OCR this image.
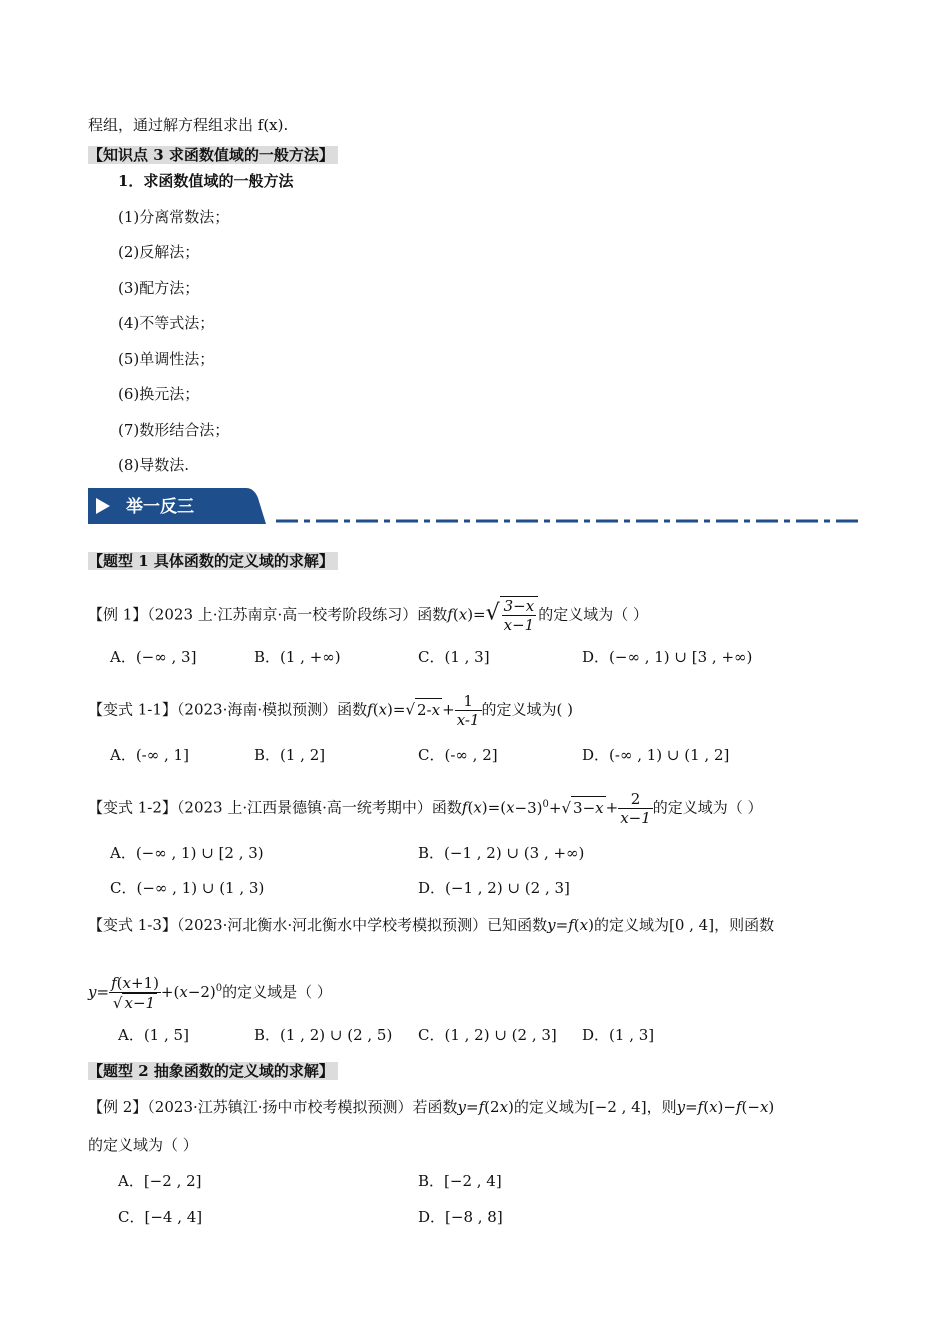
程组，通过解方程组求出 f(x).
【知识点 3 求函数值域的一般方法】
1．求函数值域的一般方法
(1)分离常数法；
(2)反解法；
(3)配方法；
(4)不等式法；
(5)单调性法；
(6)换元法；
(7)数形结合法；
(8)导数法.
举一反三
【题型 1 具体函数的定义域的求解】
【例 1】（2023 上·江苏南京·高一校考阶段练习）函数$f(x)=√ \frac{3-x}{x-1}$ 的定义域为（ ）
A．(−∞ , 3]	B．(1 , +∞)	C．(1 , 3]	D．(−∞ , 1) ∪ [3 , +∞)
【变式 1-1】（2023·海南·模拟预测）函数f(x)=√ $2-x + \frac{1}{x-1}$ 的定义域为( )
A．(-∞ , 1]	B．(1 , 2]	C．(-∞ , 2]	D．(-∞ , 1) ∪ (1 , 2]
【变式 1-2】（2023 上·江西景德镇·高一统考期中）函数$f(x)=(x-3)^0+√$ $3-x + \frac{2}{x-1}$ 的定义域为（ ）
A．(−∞ , 1) ∪ [2 , 3)	B．(−1 , 2) ∪ (3 , +∞)
C．(−∞ , 1) ∪ (1 , 3)	D．(−1 , 2) ∪ (2 , 3]
【变式 1-3】（2023·河北衡水·河北衡水中学校考模拟预测）已知函数y=f(x)的定义域为[0 , 4]，则函数
$y= \frac{f(x+1)}{√ x-1} +(x-2)^0$的定义域是（ ）
A．(1 , 5]	B．(1 , 2) ∪ (2 , 5) C．(1 , 2) ∪ (2 , 3] D．(1 , 3]
【题型 2 抽象函数的定义域的求解】
【例 2】（2023·江苏镇江·扬中市校考模拟预测）若函数y=f(2x)的定义域为[−2 , 4]，则y=f(x)−f(−x)
的定义域为（ ）
A．[−2 , 2]	B．[−2 , 4]
C．[−4 , 4]	D．[−8 , 8]
